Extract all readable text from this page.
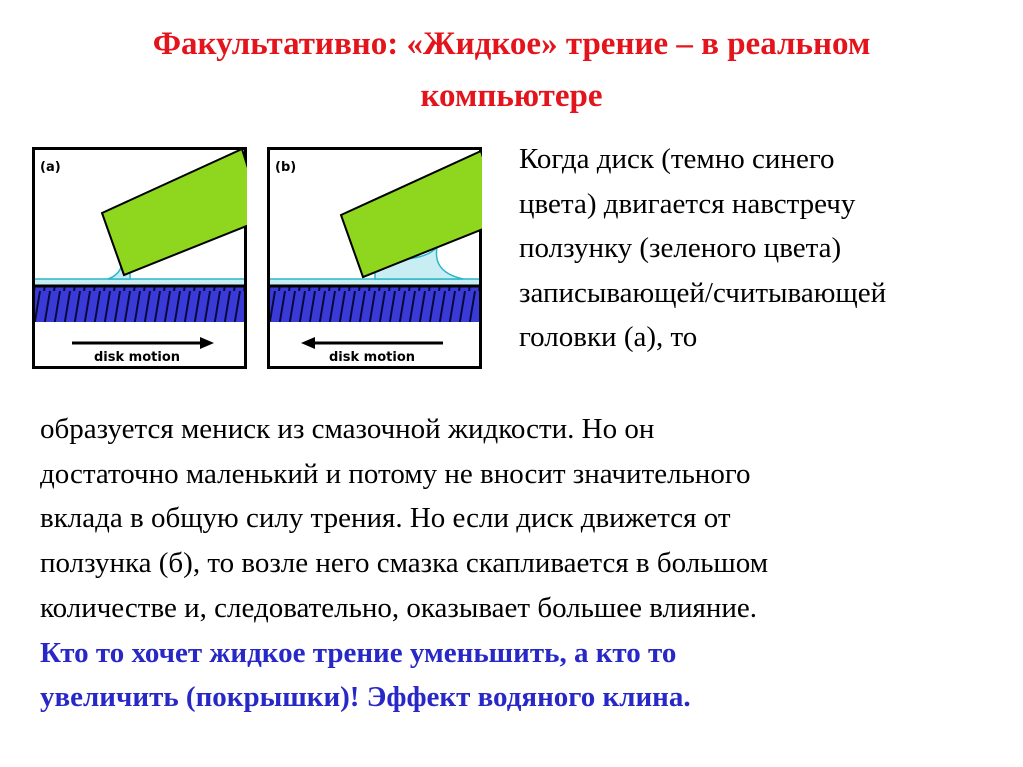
Факультативно: «Жидкое» трение – в реальном
компьютере
(a)
disk motion
(b)
disk motion
Когда диск (темно синего
цвета) двигается навстречу
ползунку (зеленого цвета)
записывающей/считывающей
головки (а), то
образуется мениск из смазочной жидкости. Но он
достаточно маленький и потому не вносит значительного
вклада в общую силу трения. Но если диск движется от
ползунка (б), то возле него смазка скапливается в большом
количестве и, следовательно, оказывает большее влияние.
Кто то хочет жидкое трение уменьшить, а кто то
увеличить (покрышки)! Эффект водяного клина.
